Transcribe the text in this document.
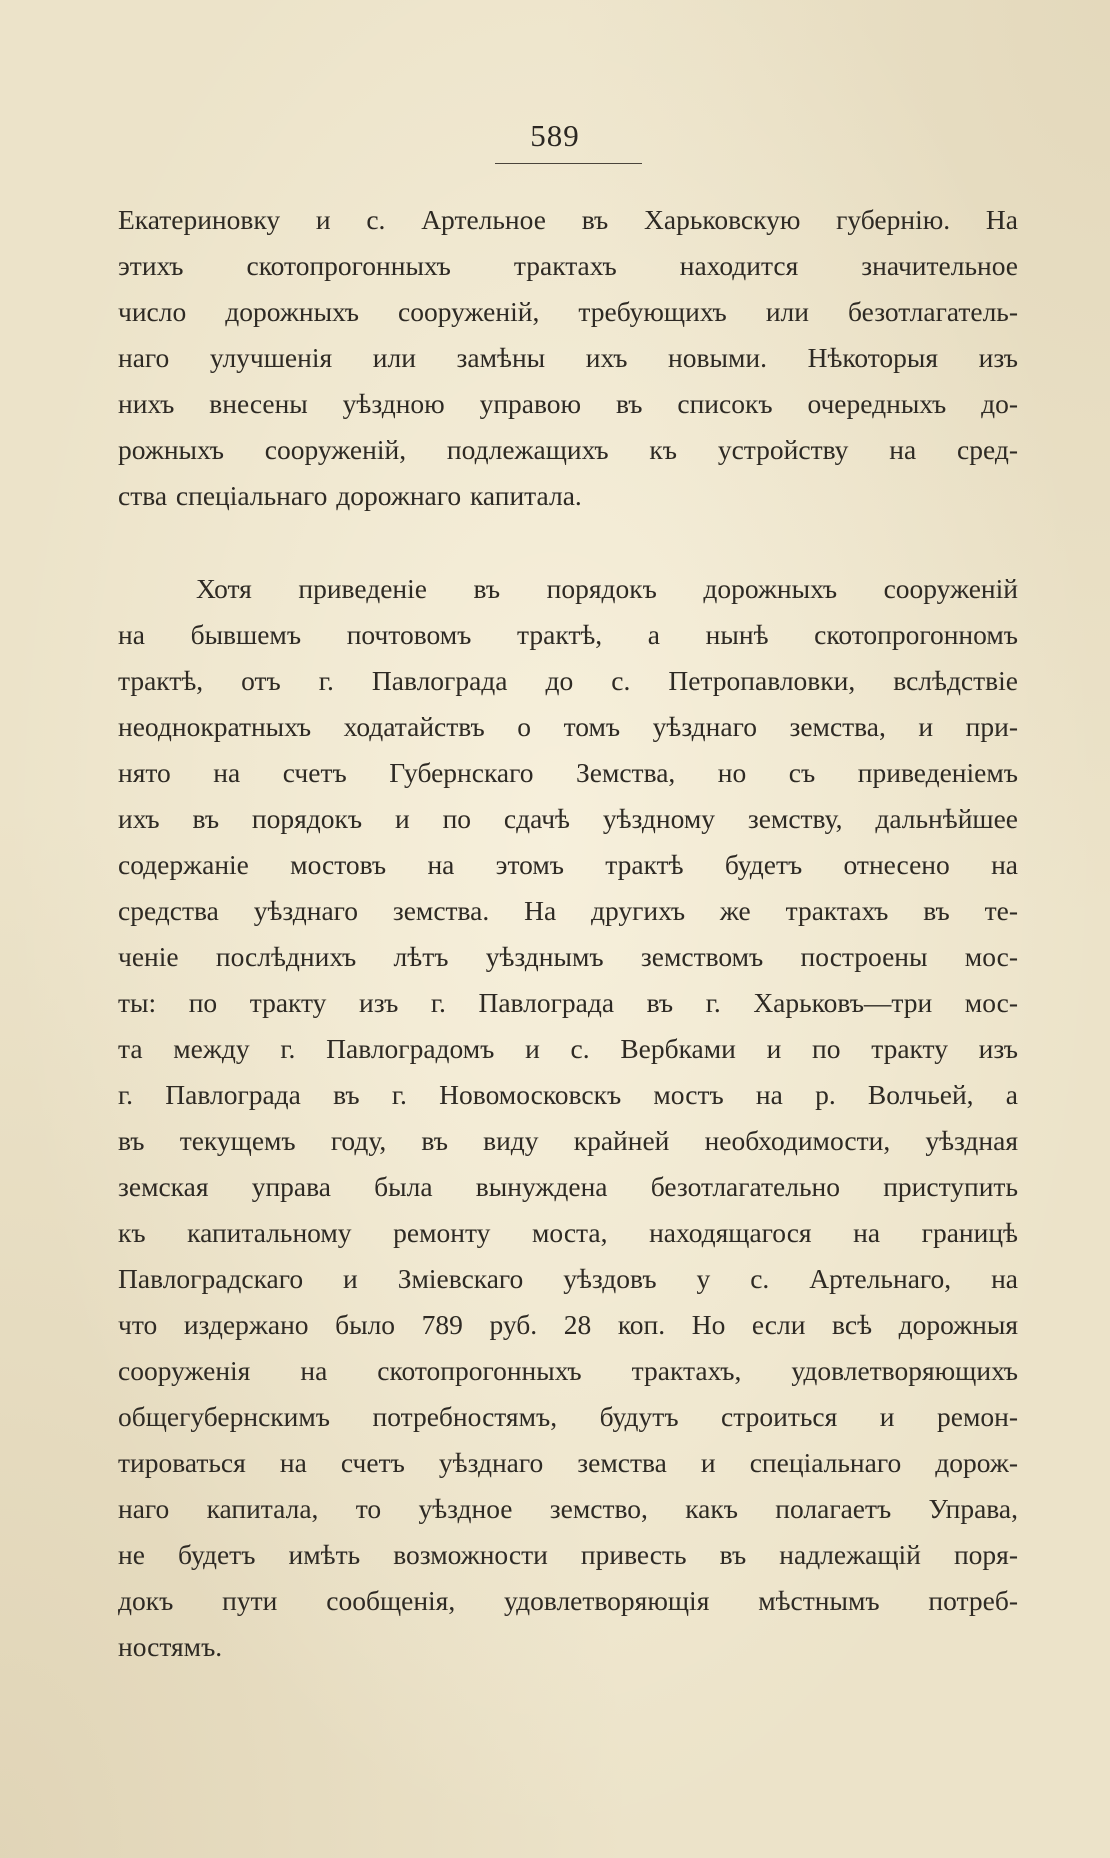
589
Екатериновку и с. Артельное въ Харьковскую губернію. На
этихъ скотопрогонныхъ трактахъ находится значительное
число дорожныхъ сооруженій, требующихъ или безотлагатель-
наго улучшенія или замѣны ихъ новыми. Нѣкоторыя изъ
нихъ внесены уѣздною управою въ списокъ очередныхъ до-
рожныхъ сооруженій, подлежащихъ къ устройству на сред-
ства спеціальнаго дорожнаго капитала.
Хотя приведеніе въ порядокъ дорожныхъ сооруженій
на бывшемъ почтовомъ трактѣ, а нынѣ скотопрогонномъ
трактѣ, отъ г. Павлограда до с. Петропавловки, вслѣдствіе
неоднократныхъ ходатайствъ о томъ уѣзднаго земства, и при-
нято на счетъ Губернскаго Земства, но съ приведеніемъ
ихъ въ порядокъ и по сдачѣ уѣздному земству, дальнѣйшее
содержаніе мостовъ на этомъ трактѣ будетъ отнесено на
средства уѣзднаго земства. На другихъ же трактахъ въ те-
ченіе послѣднихъ лѣтъ уѣзднымъ земствомъ построены мос-
ты: по тракту изъ г. Павлограда въ г. Харьковъ—три мос-
та между г. Павлоградомъ и с. Вербками и по тракту изъ
г. Павлограда въ г. Новомосковскъ мостъ на р. Волчьей, а
въ текущемъ году, въ виду крайней необходимости, уѣздная
земская управа была вынуждена безотлагательно приступить
къ капитальному ремонту моста, находящагося на границѣ
Павлоградскаго и Зміевскаго уѣздовъ у с. Артельнаго, на
что издержано было 789 руб. 28 коп. Но если всѣ дорожныя
сооруженія на скотопрогонныхъ трактахъ, удовлетворяющихъ
общегубернскимъ потребностямъ, будутъ строиться и ремон-
тироваться на счетъ уѣзднаго земства и спеціальнаго дорож-
наго капитала, то уѣздное земство, какъ полагаетъ Управа,
не будетъ имѣть возможности привесть въ надлежащій поря-
докъ пути сообщенія, удовлетворяющія мѣстнымъ потреб-
ностямъ.
